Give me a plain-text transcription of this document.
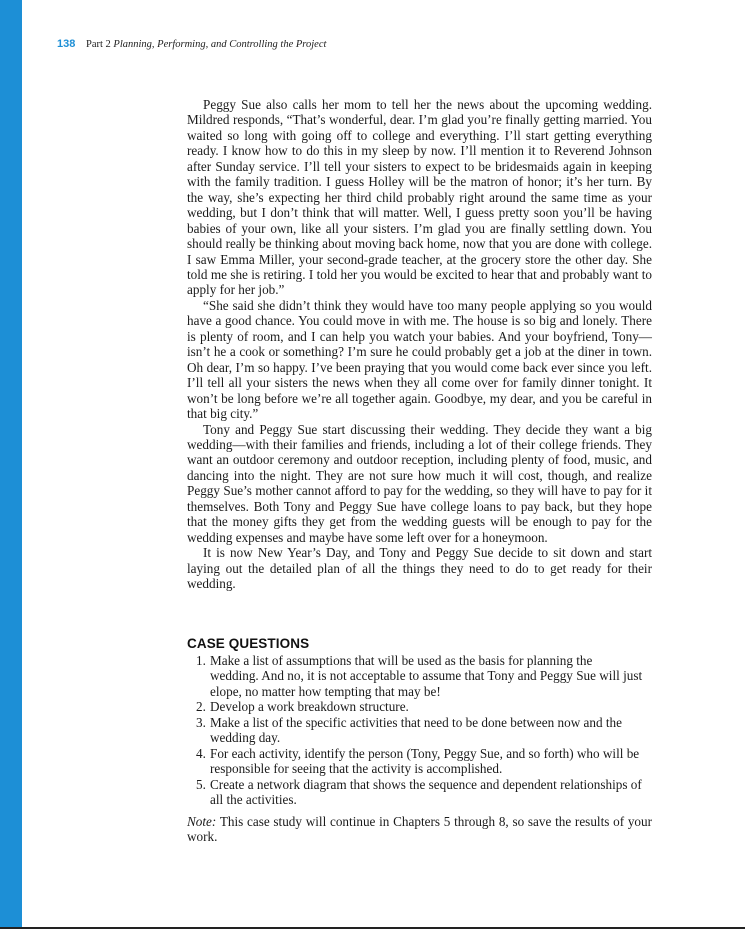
138 Part 2 Planning, Performing, and Controlling the Project

Peggy Sue also calls her mom to tell her the news about the upcoming wedding. Mildred responds, “That’s wonderful, dear. I’m glad you’re finally getting married. You waited so long with going off to college and everything. I’ll start getting everything ready. I know how to do this in my sleep by now. I’ll mention it to Reverend Johnson after Sunday service. I’ll tell your sisters to expect to be bridesmaids again in keeping with the family tradition. I guess Holley will be the matron of honor; it’s her turn. By the way, she’s expecting her third child probably right around the same time as your wedding, but I don’t think that will matter. Well, I guess pretty soon you’ll be having babies of your own, like all your sisters. I’m glad you are finally settling down. You should really be thinking about moving back home, now that you are done with college. I saw Emma Miller, your second-grade teacher, at the grocery store the other day. She told me she is retiring. I told her you would be excited to hear that and probably want to apply for her job.”

“She said she didn’t think they would have too many people applying so you would have a good chance. You could move in with me. The house is so big and lonely. There is plenty of room, and I can help you watch your babies. And your boyfriend, Tony—isn’t he a cook or something? I’m sure he could probably get a job at the diner in town. Oh dear, I’m so happy. I’ve been praying that you would come back ever since you left. I’ll tell all your sisters the news when they all come over for family dinner tonight. It won’t be long before we’re all together again. Goodbye, my dear, and you be careful in that big city.”

Tony and Peggy Sue start discussing their wedding. They decide they want a big wedding—with their families and friends, including a lot of their college friends. They want an outdoor ceremony and outdoor reception, including plenty of food, music, and dancing into the night. They are not sure how much it will cost, though, and realize Peggy Sue’s mother cannot afford to pay for the wedding, so they will have to pay for it themselves. Both Tony and Peggy Sue have college loans to pay back, but they hope that the money gifts they get from the wedding guests will be enough to pay for the wedding expenses and maybe have some left over for a honeymoon.

It is now New Year’s Day, and Tony and Peggy Sue decide to sit down and start laying out the detailed plan of all the things they need to do to get ready for their wedding.

CASE QUESTIONS
1. Make a list of assumptions that will be used as the basis for planning the wedding. And no, it is not acceptable to assume that Tony and Peggy Sue will just elope, no matter how tempting that may be!
2. Develop a work breakdown structure.
3. Make a list of the specific activities that need to be done between now and the wedding day.
4. For each activity, identify the person (Tony, Peggy Sue, and so forth) who will be responsible for seeing that the activity is accomplished.
5. Create a network diagram that shows the sequence and dependent relationships of all the activities.
Note: This case study will continue in Chapters 5 through 8, so save the results of your work.
